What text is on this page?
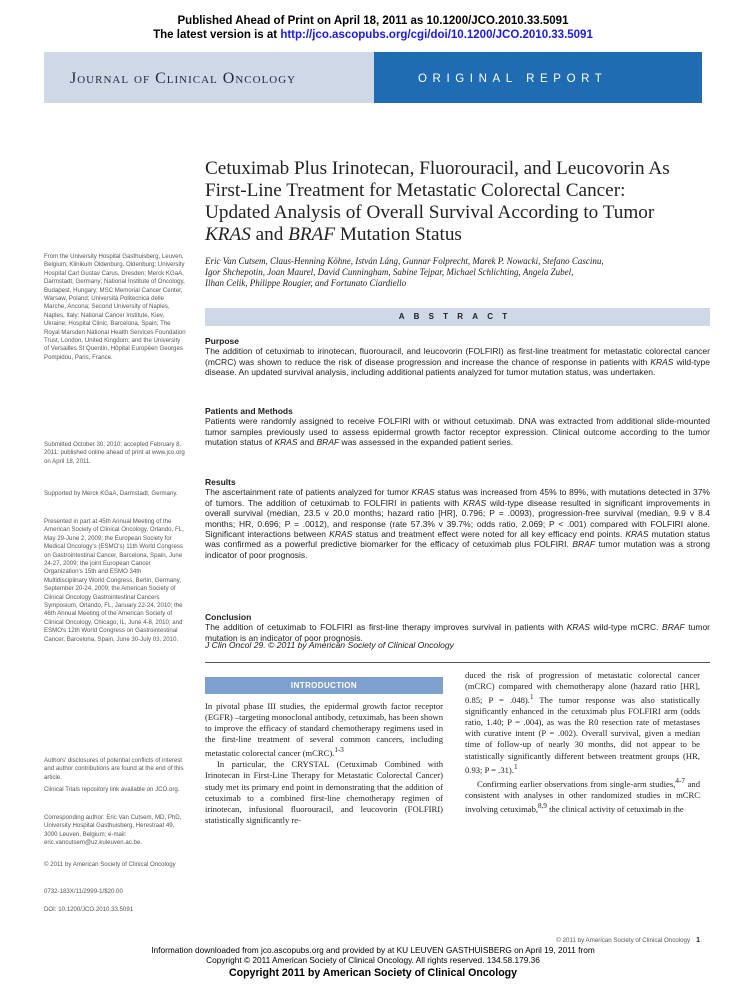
Published Ahead of Print on April 18, 2011 as 10.1200/JCO.2010.33.5091
The latest version is at http://jco.ascopubs.org/cgi/doi/10.1200/JCO.2010.33.5091
Journal of Clinical Oncology	ORIGINAL REPORT
Cetuximab Plus Irinotecan, Fluorouracil, and Leucovorin As
First-Line Treatment for Metastatic Colorectal Cancer:
Updated Analysis of Overall Survival According to Tumor
KRAS and BRAF Mutation Status
Eric Van Cutsem, Claus-Henning Köhne, István Láng, Gunnar Folprecht, Marek P. Nowacki, Stefano Cascinu,
Igor Shchepotin, Joan Maurel, David Cunningham, Sabine Tejpar, Michael Schlichting, Angela Zubel,
Ilhan Celik, Philippe Rougier, and Fortunato Ciardiello

From the University Hospital Gasthuisberg, Leuven, Belgium; Klinikum Oldenburg, Oldenburg; University Hospital Carl Gustav Carus, Dresden; Merck KGaA, Darmstadt, Germany; National Institute of Oncology, Budapest, Hungary; MSC Memorial Cancer Center, Warsaw, Poland; Università Politecnica delle Marche, Ancona; Second University of Naples, Naples, Italy; National Cancer Institute, Kiev, Ukraine; Hospital Clinic, Barcelona, Spain; The Royal Marsden National Health Services Foundation Trust, London, United Kingdom; and the University of Versailles St Quentin, Hôpital Européen Georges Pompidou, Paris, France.

Submitted October 30, 2010; accepted February 8, 2011; published online ahead of print at www.jco.org on April 18, 2011.

Supported by Merck KGaA, Darmstadt, Germany.

Presented in part at 45th Annual Meeting of the American Society of Clinical Oncology, Orlando, FL, May 29-June 2, 2009; the European Society for Medical Oncology's (ESMO's) 11th World Congress on Gastrointestinal Cancer, Barcelona, Spain, June 24-27, 2009; the joint European Cancer Organization's 15th and ESMO 34th Multidisciplinary World Congress, Berlin, Germany, September 20-24, 2009; the American Society of Clinical Oncology Gastrointestinal Cancers Symposium, Orlando, FL, January 22-24, 2010; the 46th Annual Meeting of the American Society of Clinical Oncology, Chicago, IL, June 4-8, 2010; and ESMO's 12th World Congress on Gastrointestinal Cancer, Barcelona, Spain, June 30-July 03, 2010.

Authors' disclosures of potential conflicts of interest and author contributions are found at the end of this article.

Clinical Trials repository link available on JCO.org.

Corresponding author: Eric Van Cutsem, MD, PhD, University Hospital Gasthuisberg, Herestraat 49, 3000 Leuven, Belgium; e-mail: eric.vancutsem@uz.kuleuven.ac.be.

© 2011 by American Society of Clinical Oncology

0732-183X/11/2999-1/$20.00

DOI: 10.1200/JCO.2010.33.5091

ABSTRACT
Purpose

The addition of cetuximab to irinotecan, fluorouracil, and leucovorin (FOLFIRI) as first-line treatment for metastatic colorectal cancer (mCRC) was shown to reduce the risk of disease progression and increase the chance of response in patients with KRAS wild-type disease. An updated survival analysis, including additional patients analyzed for tumor mutation status, was undertaken.

Patients and Methods

Patients were randomly assigned to receive FOLFIRI with or without cetuximab. DNA was extracted from additional slide-mounted tumor samples previously used to assess epidermal growth factor receptor expression. Clinical outcome according to the tumor mutation status of KRAS and BRAF was assessed in the expanded patient series.

Results

The ascertainment rate of patients analyzed for tumor KRAS status was increased from 45% to 89%, with mutations detected in 37% of tumors. The addition of cetuximab to FOLFIRI in patients with KRAS wild-type disease resulted in significant improvements in overall survival (median, 23.5 v 20.0 months; hazard ratio [HR], 0.796; P = .0093), progression-free survival (median, 9.9 v 8.4 months; HR, 0.696; P = .0012), and response (rate 57.3% v 39.7%; odds ratio, 2.069; P < .001) compared with FOLFIRI alone. Significant interactions between KRAS status and treatment effect were noted for all key efficacy end points. KRAS mutation status was confirmed as a powerful predictive biomarker for the efficacy of cetuximab plus FOLFIRI. BRAF tumor mutation was a strong indicator of poor prognosis.

Conclusion

The addition of cetuximab to FOLFIRI as first-line therapy improves survival in patients with KRAS wild-type mCRC. BRAF tumor mutation is an indicator of poor prognosis.

J Clin Oncol 29. © 2011 by American Society of Clinical Oncology
INTRODUCTION

In pivotal phase III studies, the epidermal growth factor receptor (EGFR) –targeting monoclonal antibody, cetuximab, has been shown to improve the efficacy of standard chemotherapy regimens used in the first-line treatment of several common cancers, including metastatic colorectal cancer (mCRC).$^{1-3}$

In particular, the CRYSTAL (Cetuximab Combined with Irinotecan in First-Line Therapy for Metastatic Colorectal Cancer) study met its primary end point in demonstrating that the addition of cetuximab to a combined first-line chemotherapy regimen of irinotecan, infusional fluorouracil, and leucovorin (FOLFIRI) statistically significantly re-

duced the risk of progression of metastatic colorectal cancer (mCRC) compared with chemotherapy alone (hazard ratio [HR], 0.85; P = .048).$^1$ The tumor response was also statistically significantly enhanced in the cetuximab plus FOLFIRI arm (odds ratio, 1.40; P = .004), as was the R0 resection rate of metastases with curative intent (P = .002). Overall survival, given a median time of follow-up of nearly 30 months, did not appear to be statistically significantly different between treatment groups (HR, 0.93; P = .31).$^1$

Confirming earlier observations from single-arm studies,$^{4-7}$ and consistent with analyses in other randomized studies in mCRC involving cetuximab,$^{8,9}$ the clinical activity of cetuximab in the

© 2011 by American Society of Clinical Oncology 1
Information downloaded from jco.ascopubs.org and provided by at KU LEUVEN GASTHUISBERG on April 19, 2011 from
Copyright © 2011 American Society of Clinical Oncology. All rights reserved. 134.58.179.36
Copyright 2011 by American Society of Clinical Oncology
